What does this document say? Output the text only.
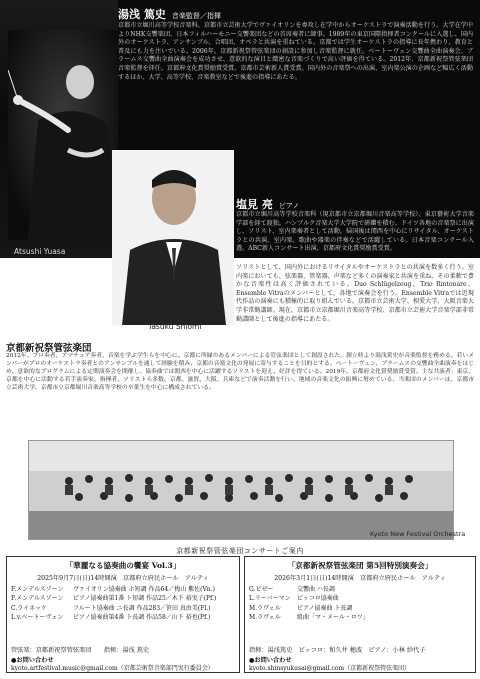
Atsushi Yuasa
湯浅 篤史 音楽監督／指揮
京都市立堀川高等学校音楽科、京都市立芸術大学でヴァイオリンを専攻し在学中からオーケストラで演奏活動を行う。大学在学中よりNHK交響楽団、日本フィルハーモニー交響楽団などの首席奏者に師事。1989年の東京国際指揮者コンクールに入選し、国内外のオーケストラ、アンサンブル、合唱団、オペラと共演を重ねている。京都では学生オーケストラの指導に長年携わり、教育と普及にも力を注いでいる。2006年、京都新祝祭管弦楽団の創設に参加し音楽監督に就任。ベートーヴェン交響曲全曲演奏会、ブラームス交響曲全曲演奏会を成功させ、意欲的な演目と緻密な音楽づくりで高い評価を得ている。2012年、京都新祝祭管弦楽団音楽監督を拝任。京都府文化賞奨励賞受賞。京都市芸術新人賞受賞。国内外の音楽祭への出演、室内楽公演の企画など幅広く活動するほか、大学、高等学校、音楽教室などで後進の指導にあたる。
塩見 亮 ピアノ
京都市立堀川高等学校音楽科（現京都市立京都堀川音楽高等学校）、東京藝術大学音楽学部を経て渡独。ハンブルク音楽大学大学院で研鑽を積む。ドイツ各地の音楽祭に出演し、ソリスト、室内楽奏者として活動。帰国後は関西を中心にリサイタル、オーケストラとの共演、室内楽、歌曲や器楽の伴奏などで活躍している。日本音楽コンクール入選。ABC新人コンサート出演。京都府文化賞奨励賞受賞。
Tasuku Shiomi
ソリストとして、国内外におけるリサイタルやオーケストラとの共演を数多く行う。室内楽においても、弦楽器、管楽器、声楽など多くの演奏家と共演を重ね、その柔軟で豊かな音楽性は高く評価されている。Duo Schlügelzeug、Trio Rintonare、Ensemble Vitraのメンバーとして、各地で演奏会を行う。Ensemble Vitraでは近現代作品の演奏にも積極的に取り組んでいる。京都市立芸術大学、相愛大学、大阪音楽大学非常勤講師。現在、京都市立京都堀川音楽高等学校、京都市立芸術大学音楽学部非常勤講師として後進の指導にあたる。
京都新祝祭管弦楽団
2012年、プロ奏者、アマチュア奏者、音楽を学ぶ学生らを中心に、京都に所縁のあるメンバーによる管弦楽団として創設された。創立時より湯浅篤史が音楽監督を務める。若いメンバーがプロのオーケストラ奏者とのアンサンブルを通して経験を積み、京都の音楽文化の発展に寄与することを目的とする。ベートーヴェン、ブラームスの交響曲全曲演奏をはじめ、意欲的なプログラムによる定期演奏会を開催し、協奏曲では関西を中心に活躍するソリストを迎え、好評を得ている。2019年、京都府文化賞奨励賞受賞。主な共演者：東京、京都を中心に活動する若手演奏家、指揮者、ソリストら多数。京都、滋賀、大阪、兵庫などで演奏活動を行い、地域の音楽文化の振興に努めている。当楽団のメンバーは、京都市立芸術大学、京都市立京都堀川音楽高等学校の卒業生を中心に構成されている。
Kyoto New Festival Orchestra
京都新祝祭管弦楽団コンサートご案内
「華麗なる協奏曲の饗宴 Vol.3」
2025年9月7日(日)14時開演　京都府立府民ホール　アルティ
F.メンデルスゾーン	ヴァイオリン協奏曲 ホ短調 作品64／梅山 紫佐(Vn.)
F.メンデルスゾーン	ピアノ協奏曲第1番 ト短調 作品25／木下 裕実子(Pf.)
C.ライネッケ	フルート協奏曲 ニ長調 作品283／笹田 真由美(Fl.)
L.v.ベートーヴェン	ピアノ協奏曲第4番 ト長調 作品58／山下 裕也(Pf.)
管弦楽：京都新祝祭管弦楽団　　指揮：湯浅 篤史
●お問い合わせ
kyoto.artfestival.music@gmail.com（京都芸術祭音楽部門実行委員会）
「京都新祝祭管弦楽団 第5回特別演奏会」
2026年3月1日(日)14時開演　京都府立府民ホール　アルティ
G.ビゼー	交響曲 ハ長調
L.リーバーマン	ピッコロ協奏曲
M.ラヴェル	ピアノ協奏曲 ト長調
M.ラヴェル	組曲「マ・メール・ロワ」
指揮：湯浅篤史　ピッコロ：和久井 穂波　ピアノ：小林 紗代子
●お問い合わせ
kyoto.shinsyukusai@gmail.com（京都新祝祭管弦楽団）
